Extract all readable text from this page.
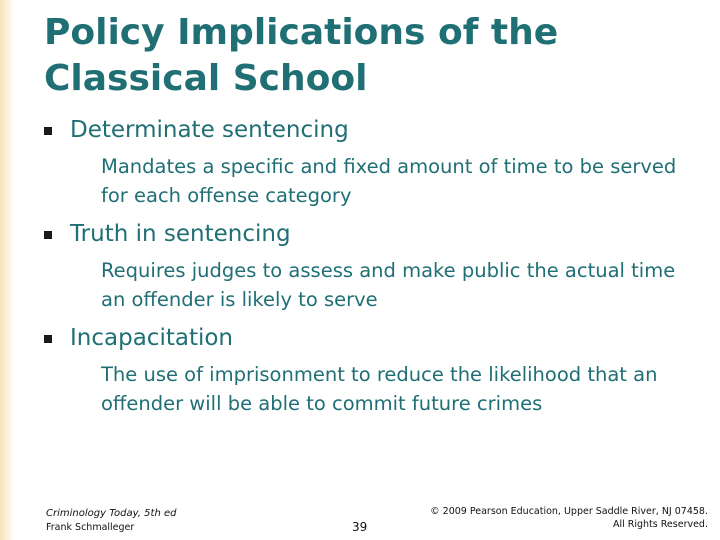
Policy Implications of the Classical School
Determinate sentencing
Mandates a specific and fixed amount of time to be served for each offense category
Truth in sentencing
Requires judges to assess and make public the actual time an offender is likely to serve
Incapacitation
The use of imprisonment to reduce the likelihood that an offender will be able to commit future crimes
Criminology Today, 5th ed
Frank Schmalleger	39
© 2009 Pearson Education, Upper Saddle River, NJ 07458.
All Rights Reserved.
